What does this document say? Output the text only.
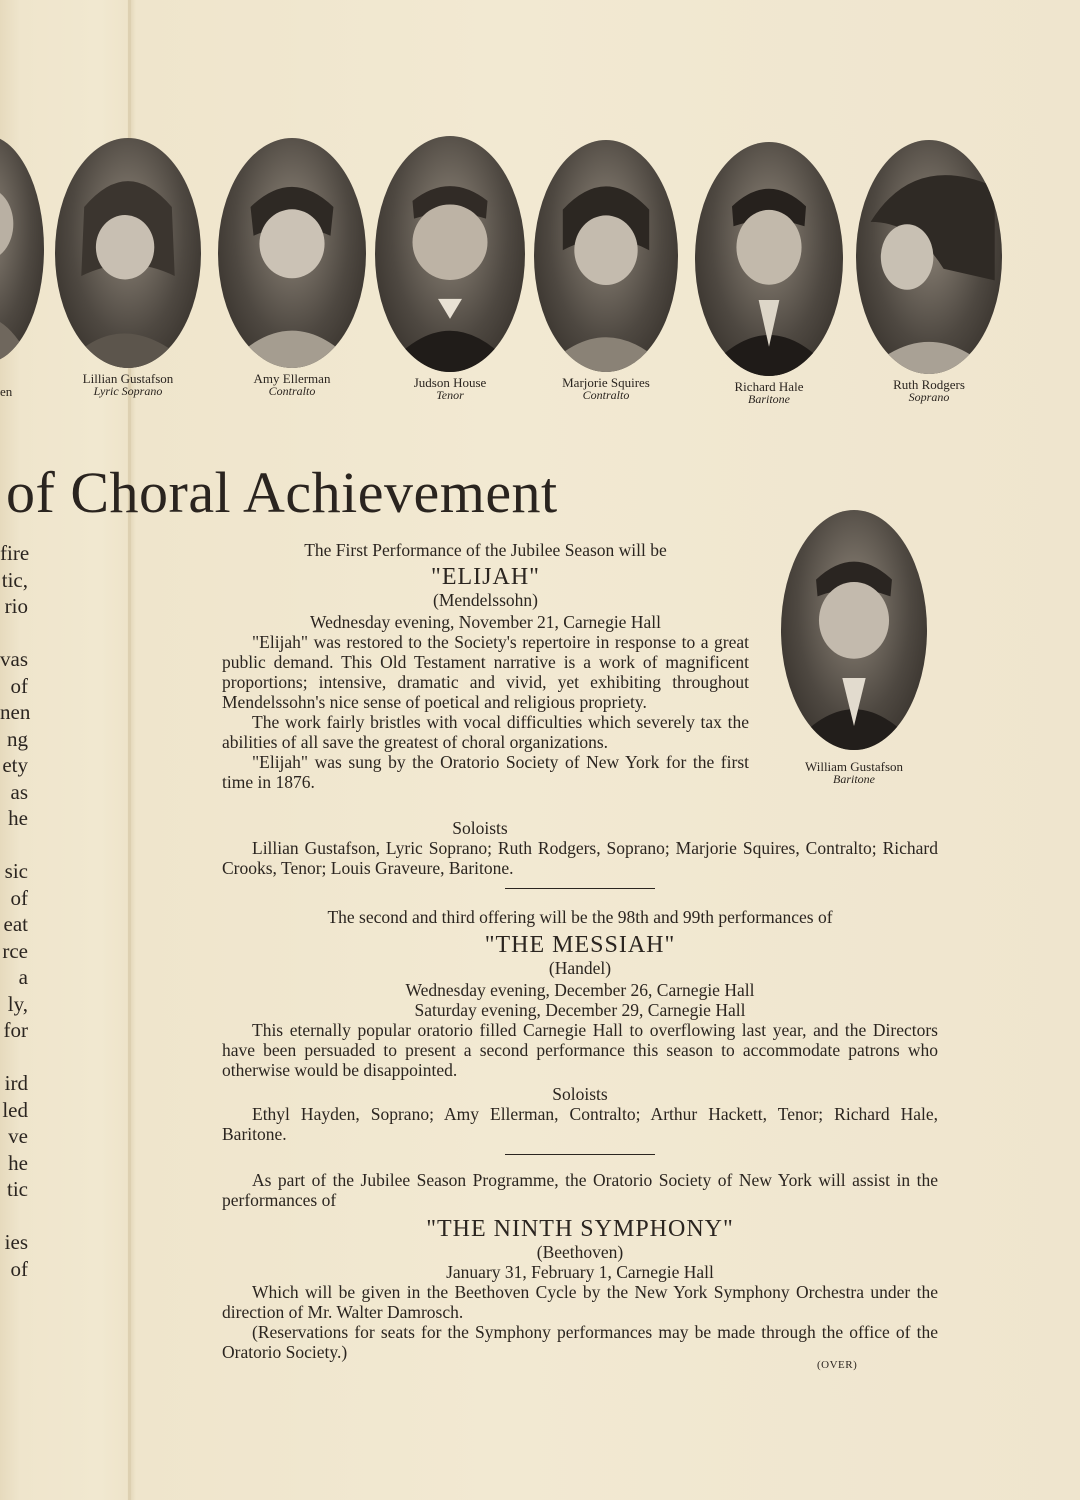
en
Lillian Gustafson
Lyric Soprano
Amy Ellerman
Contralto
Judson House
Tenor
Marjorie Squires
Contralto
Richard Hale
Baritone
Ruth Rodgers
Soprano
of Choral Achievement
fire
tic,
rio
vas
of
nen
ng
ety
as
he
sic
of
eat
rce
a
ly,
for
ird
led
ve
he
tic
ies
of
William Gustafson
Baritone
The First Performance of the Jubilee Season will be
"ELIJAH"
(Mendelssohn)
Wednesday evening, November 21, Carnegie Hall
"Elijah" was restored to the Society's repertoire in response to a great public demand. This Old Testament narrative is a work of magnificent proportions; intensive, dramatic and vivid, yet exhibiting throughout Mendelssohn's nice sense of poetical and religious propriety.
The work fairly bristles with vocal difficulties which severely tax the abilities of all save the greatest of choral organizations.
"Elijah" was sung by the Oratorio Society of New York for the first time in 1876.
Soloists
Lillian Gustafson, Lyric Soprano; Ruth Rodgers, Soprano; Marjorie Squires, Contralto; Richard Crooks, Tenor; Louis Graveure, Baritone.
The second and third offering will be the 98th and 99th performances of
"THE MESSIAH"
(Handel)
Wednesday evening, December 26, Carnegie Hall
Saturday evening, December 29, Carnegie Hall
This eternally popular oratorio filled Carnegie Hall to overflowing last year, and the Directors have been persuaded to present a second performance this season to accommodate patrons who otherwise would be disappointed.
Soloists
Ethyl Hayden, Soprano; Amy Ellerman, Contralto; Arthur Hackett, Tenor; Richard Hale, Baritone.
As part of the Jubilee Season Programme, the Oratorio Society of New York will assist in the performances of
"THE NINTH SYMPHONY"
(Beethoven)
January 31, February 1, Carnegie Hall
Which will be given in the Beethoven Cycle by the New York Symphony Orchestra under the direction of Mr. Walter Damrosch.
(Reservations for seats for the Symphony performances may be made through the office of the Oratorio Society.)
(OVER)
